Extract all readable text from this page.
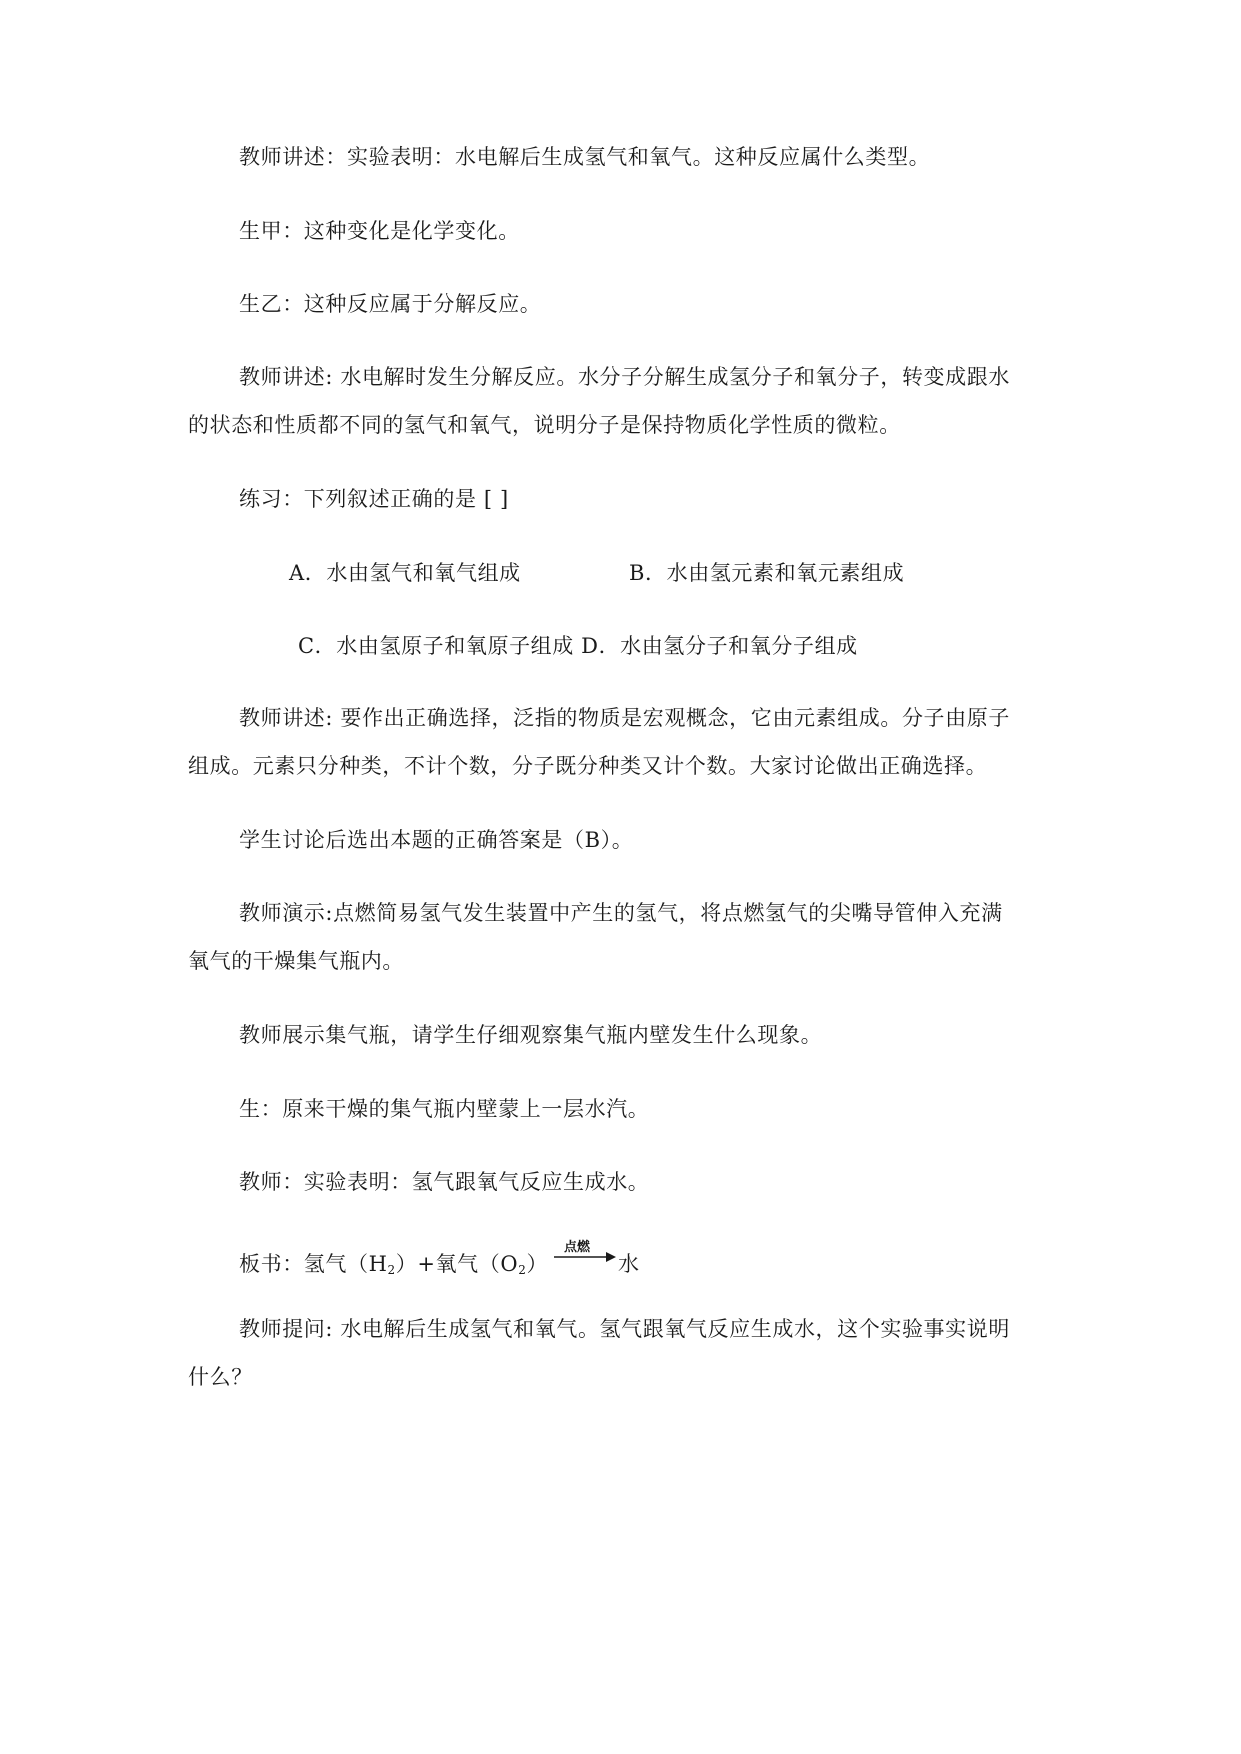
教师讲述：实验表明：水电解后生成氢气和氧气。这种反应属什么类型。
生甲：这种变化是化学变化。
生乙：这种反应属于分解反应。
教师讲述: 水电解时发生分解反应。水分子分解生成氢分子和氧分子，转变成跟水
的状态和性质都不同的氢气和氧气，说明分子是保持物质化学性质的微粒。
练习：下列叙述正确的是 [ ]
A．水由氢气和氧气组成	B．水由氢元素和氧元素组成
C．水由氢原子和氧原子组成 D．水由氢分子和氧分子组成
教师讲述: 要作出正确选择，泛指的物质是宏观概念，它由元素组成。分子由原子
组成。元素只分种类，不计个数，分子既分种类又计个数。大家讨论做出正确选择。
学生讨论后选出本题的正确答案是（B）。
教师演示:点燃简易氢气发生装置中产生的氢气，将点燃氢气的尖嘴导管伸入充满
氧气的干燥集气瓶内。
教师展示集气瓶，请学生仔细观察集气瓶内壁发生什么现象。
生：原来干燥的集气瓶内壁蒙上一层水汽。
教师：实验表明：氢气跟氧气反应生成水。
板书：氢气$(H_2)+$氧气$(O_2)$
点燃
水
教师提问: 水电解后生成氢气和氧气。氢气跟氧气反应生成水，这个实验事实说明
什么？
